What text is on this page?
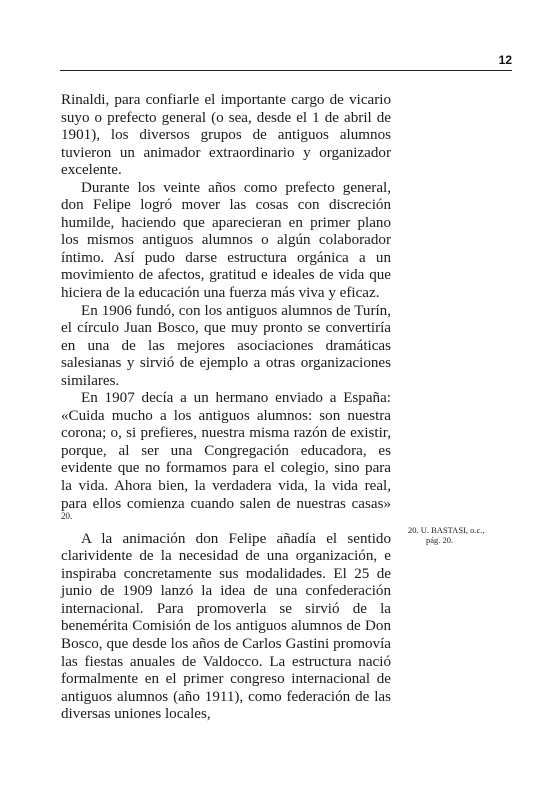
12

Rinaldi, para confiarle el importante cargo de vicario suyo o prefecto general (o sea, desde el 1 de abril de 1901), los diversos grupos de antiguos alumnos tuvieron un animador extraordinario y organizador excelente.

Durante los veinte años como prefecto general, don Felipe logró mover las cosas con discreción humilde, haciendo que aparecieran en primer plano los mismos antiguos alumnos o algún colaborador íntimo. Así pudo darse estructura orgánica a un movimiento de afectos, gratitud e ideales de vida que hiciera de la educación una fuerza más viva y eficaz.

En 1906 fundó, con los antiguos alumnos de Turín, el círculo Juan Bosco, que muy pronto se convertiría en una de las mejores asociaciones dramáticas salesianas y sirvió de ejemplo a otras organizaciones similares.

En 1907 decía a un hermano enviado a España: «Cuida mucho a los antiguos alumnos: son nuestra corona; o, si prefieres, nuestra misma razón de existir, porque, al ser una Congregación educadora, es evidente que no formamos para el colegio, sino para la vida. Ahora bien, la verdadera vida, la vida real, para ellos comienza cuando salen de nuestras casas» $^{20.}$

A la animación don Felipe añadía el sentido clarividente de la necesidad de una organización, e inspiraba concretamente sus modalidades. El 25 de junio de 1909 lanzó la idea de una confederación internacional. Para promoverla se sirvió de la benemérita Comisión de los antiguos alumnos de Don Bosco, que desde los años de Carlos Gastini promovía las fiestas anuales de Valdocco. La estructura nació formalmente en el primer congreso internacional de antiguos alumnos (año 1911), como federación de las diversas uniones locales,

20. U. BASTASI, o.c.,
pág. 20.
